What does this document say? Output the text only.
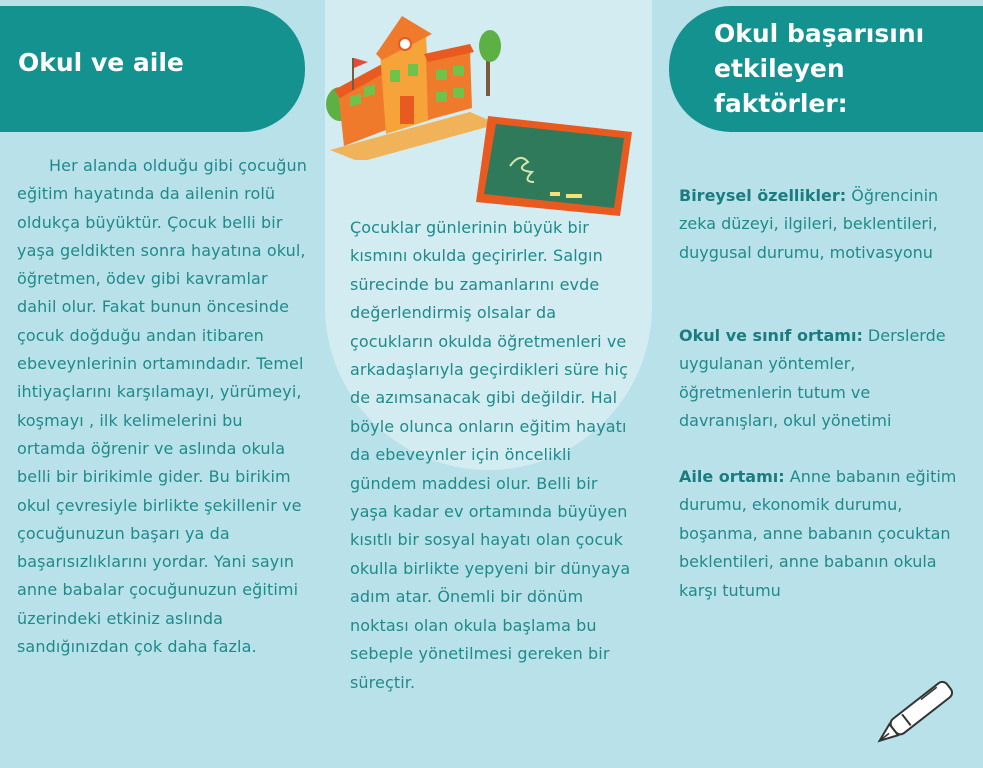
Okul ve aile
Okul başarısını etkileyen faktörler:

Her alanda olduğu gibi çocuğun eğitim hayatında da ailenin rolü oldukça büyüktür. Çocuk belli bir yaşa geldikten sonra hayatına okul, öğretmen, ödev gibi kavramlar dahil olur. Fakat bunun öncesinde çocuk doğduğu andan itibaren ebeveynlerinin ortamındadır. Temel ihtiyaçlarını karşılamayı, yürümeyi, koşmayı , ilk kelimelerini bu ortamda öğrenir ve aslında okula belli bir birikimle gider. Bu birikim okul çevresiyle birlikte şekillenir ve çocuğunuzun başarı ya da başarısızlıklarını yordar. Yani sayın anne babalar çocuğunuzun eğitimi üzerindeki etkiniz aslında sandığınızdan çok daha fazla.

Çocuklar günlerinin büyük bir kısmını okulda geçirirler. Salgın sürecinde bu zamanlarını evde değerlendirmiş olsalar da çocukların okulda öğretmenleri ve arkadaşlarıyla geçirdikleri süre hiç de azımsanacak gibi değildir. Hal böyle olunca onların eğitim hayatı da ebeveynler için öncelikli gündem maddesi olur. Belli bir yaşa kadar ev ortamında büyüyen kısıtlı bir sosyal hayatı olan çocuk okulla birlikte yepyeni bir dünyaya adım atar. Önemli bir dönüm noktası olan okula başlama bu sebeple yönetilmesi gereken bir süreçtir.

Bireysel özellikler: Öğrencinin zeka düzeyi, ilgileri, beklentileri, duygusal durumu, motivasyonu

Okul ve sınıf ortamı: Derslerde uygulanan yöntemler, öğretmenlerin tutum ve davranışları, okul yönetimi

Aile ortamı: Anne babanın eğitim durumu, ekonomik durumu, boşanma, anne babanın çocuktan beklentileri, anne babanın okula karşı tutumu
